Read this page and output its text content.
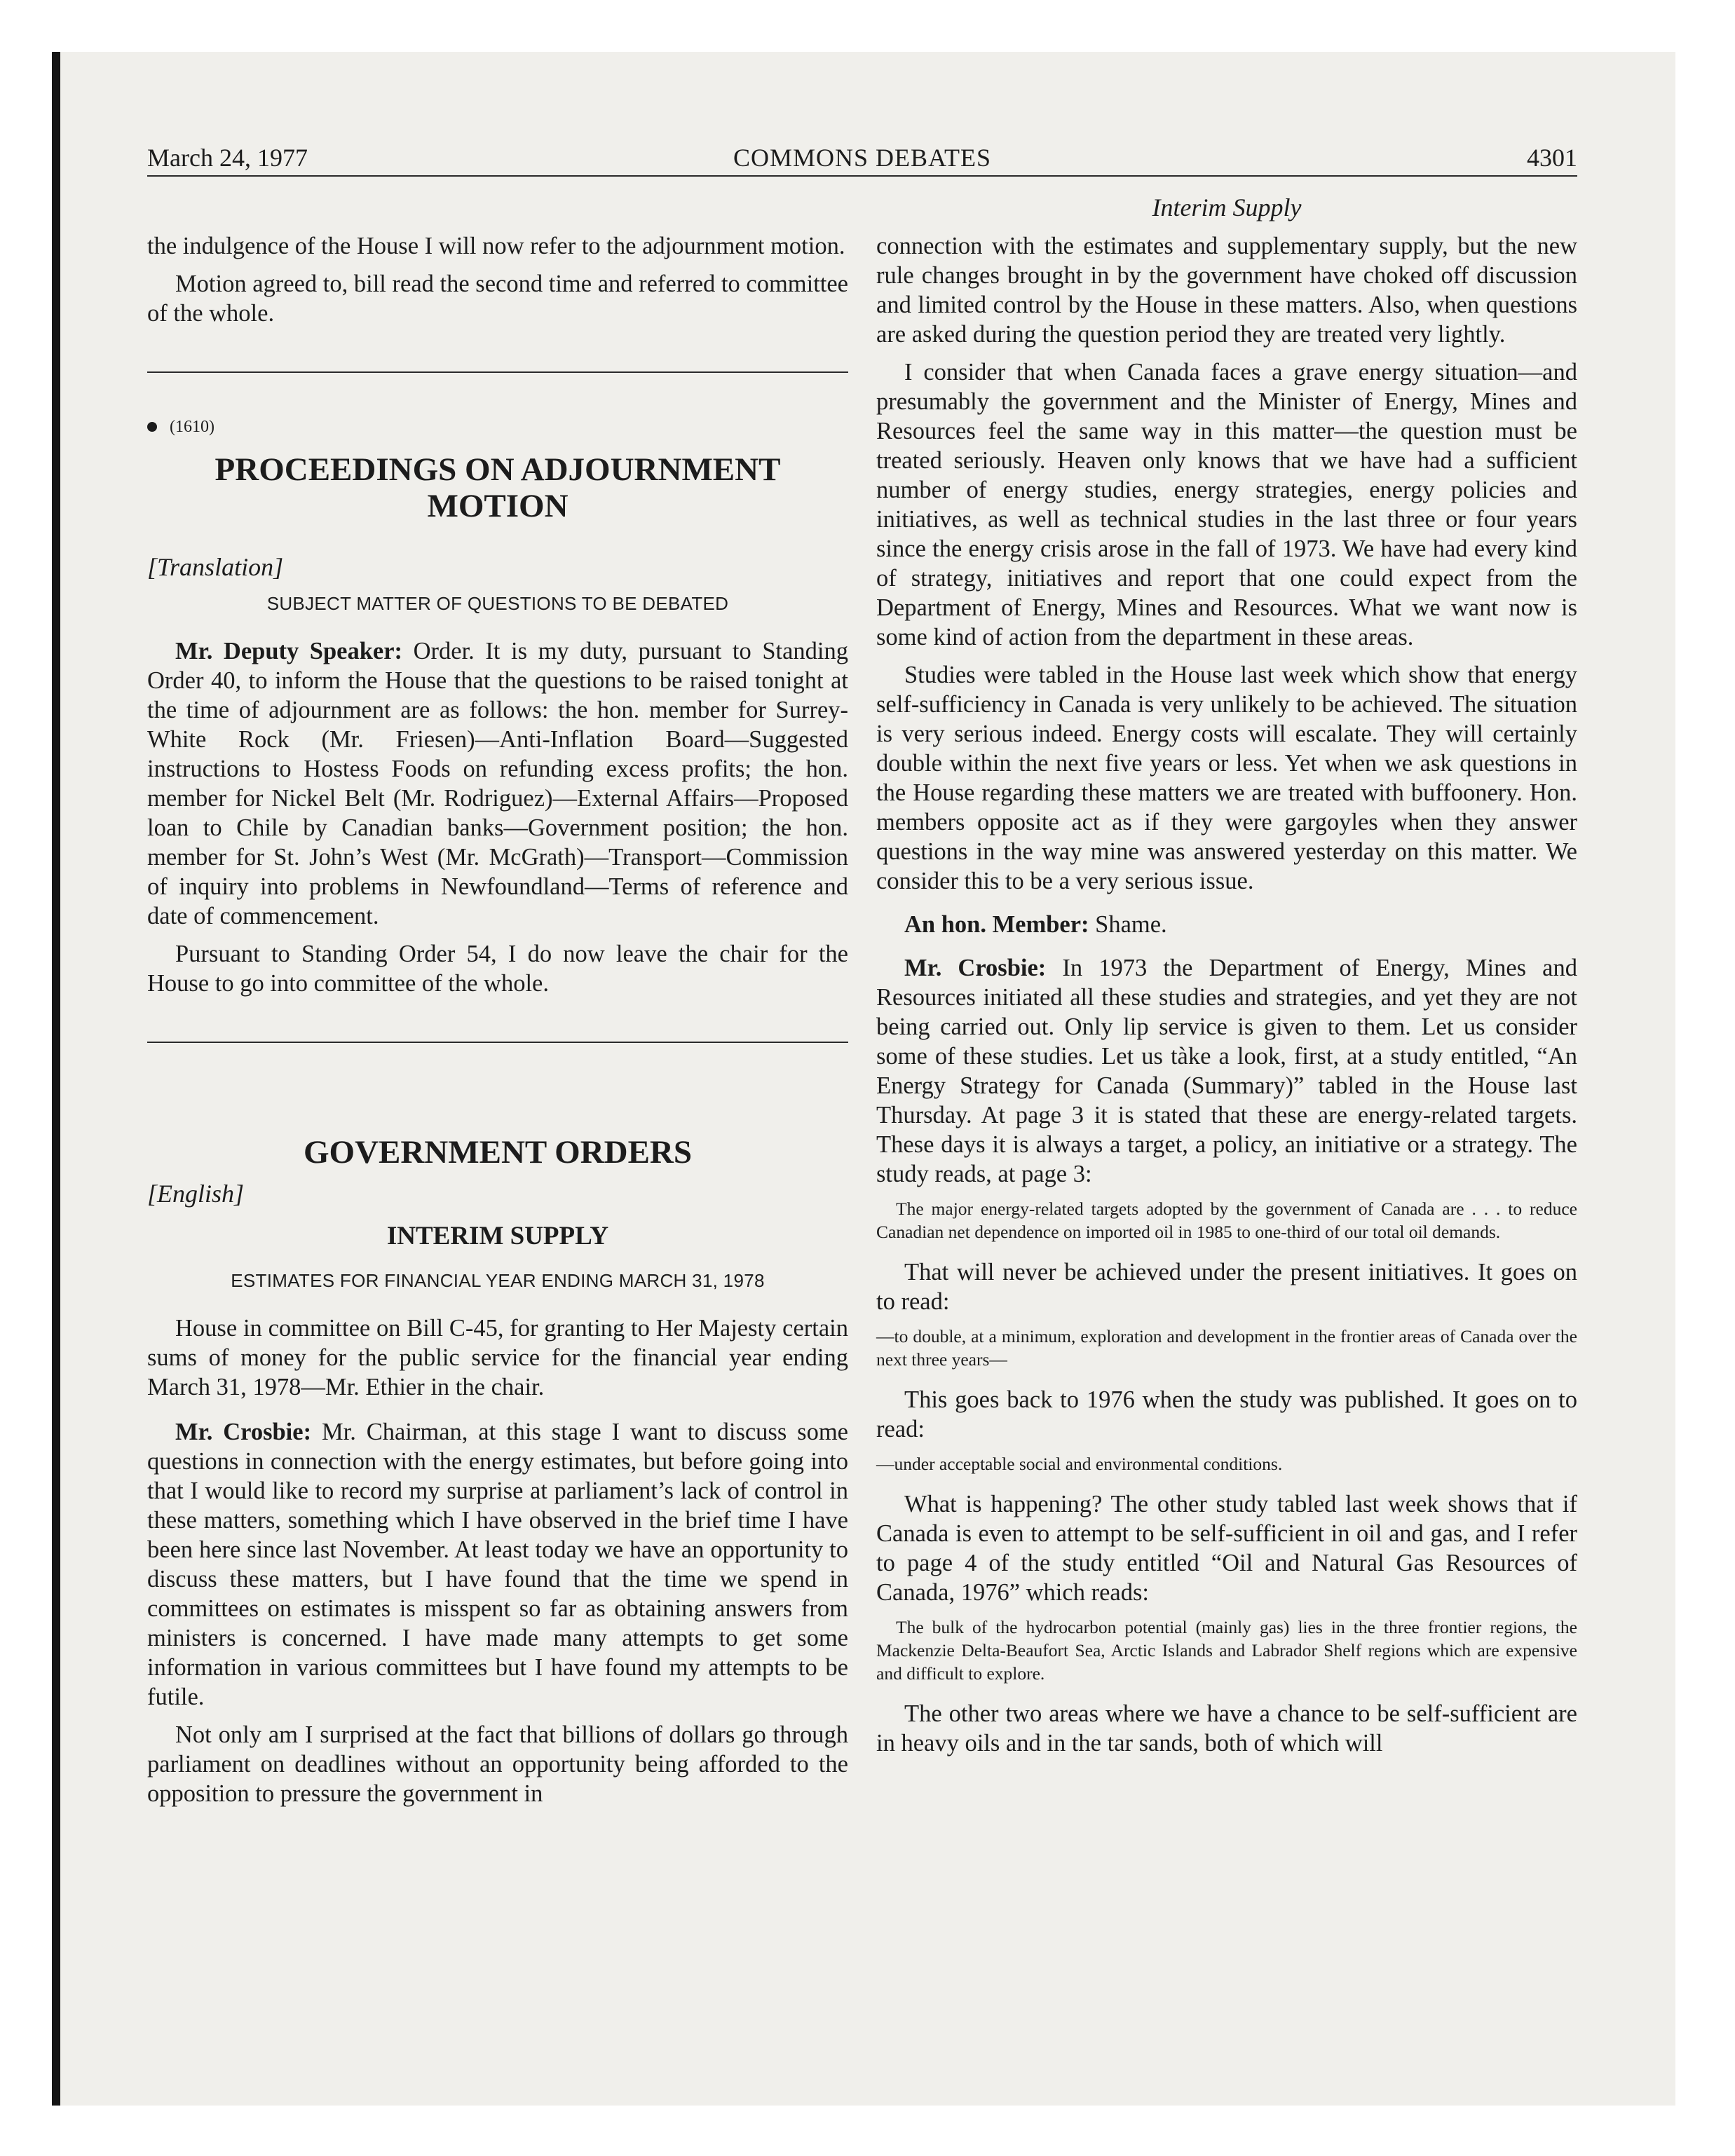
March 24, 1977	COMMONS DEBATES	4301
Interim Supply

the indulgence of the House I will now refer to the adjournment motion.

Motion agreed to, bill read the second time and referred to committee of the whole.

(1610)
PROCEEDINGS ON ADJOURNMENT MOTION
[Translation]
SUBJECT MATTER OF QUESTIONS TO BE DEBATED

Mr. Deputy Speaker: Order. It is my duty, pursuant to Standing Order 40, to inform the House that the questions to be raised tonight at the time of adjournment are as follows: the hon. member for Surrey-White Rock (Mr. Friesen)—Anti-Inflation Board—Suggested instructions to Hostess Foods on refunding excess profits; the hon. member for Nickel Belt (Mr. Rodriguez)—External Affairs—Proposed loan to Chile by Canadian banks—Government position; the hon. member for St. John’s West (Mr. McGrath)—Transport—Commission of inquiry into problems in Newfoundland—Terms of reference and date of commencement.

Pursuant to Standing Order 54, I do now leave the chair for the House to go into committee of the whole.

GOVERNMENT ORDERS
[English]
INTERIM SUPPLY
ESTIMATES FOR FINANCIAL YEAR ENDING MARCH 31, 1978

House in committee on Bill C-45, for granting to Her Majesty certain sums of money for the public service for the financial year ending March 31, 1978—Mr. Ethier in the chair.

Mr. Crosbie: Mr. Chairman, at this stage I want to discuss some questions in connection with the energy estimates, but before going into that I would like to record my surprise at parliament’s lack of control in these matters, something which I have observed in the brief time I have been here since last November. At least today we have an opportunity to discuss these matters, but I have found that the time we spend in committees on estimates is misspent so far as obtaining answers from ministers is concerned. I have made many attempts to get some information in various committees but I have found my attempts to be futile.

Not only am I surprised at the fact that billions of dollars go through parliament on deadlines without an opportunity being afforded to the opposition to pressure the government in

connection with the estimates and supplementary supply, but the new rule changes brought in by the government have choked off discussion and limited control by the House in these matters. Also, when questions are asked during the question period they are treated very lightly.

I consider that when Canada faces a grave energy situation—and presumably the government and the Minister of Energy, Mines and Resources feel the same way in this matter—the question must be treated seriously. Heaven only knows that we have had a sufficient number of energy studies, energy strategies, energy policies and initiatives, as well as technical studies in the last three or four years since the energy crisis arose in the fall of 1973. We have had every kind of strategy, initiatives and report that one could expect from the Department of Energy, Mines and Resources. What we want now is some kind of action from the department in these areas.

Studies were tabled in the House last week which show that energy self-sufficiency in Canada is very unlikely to be achieved. The situation is very serious indeed. Energy costs will escalate. They will certainly double within the next five years or less. Yet when we ask questions in the House regarding these matters we are treated with buffoonery. Hon. members opposite act as if they were gargoyles when they answer questions in the way mine was answered yesterday on this matter. We consider this to be a very serious issue.

An hon. Member: Shame.

Mr. Crosbie: In 1973 the Department of Energy, Mines and Resources initiated all these studies and strategies, and yet they are not being carried out. Only lip service is given to them. Let us consider some of these studies. Let us tàke a look, first, at a study entitled, “An Energy Strategy for Canada (Summary)” tabled in the House last Thursday. At page 3 it is stated that these are energy-related targets. These days it is always a target, a policy, an initiative or a strategy. The study reads, at page 3:

The major energy-related targets adopted by the government of Canada are . . . to reduce Canadian net dependence on imported oil in 1985 to one-third of our total oil demands.

That will never be achieved under the present initiatives. It goes on to read:

—to double, at a minimum, exploration and development in the frontier areas of Canada over the next three years—

This goes back to 1976 when the study was published. It goes on to read:

—under acceptable social and environmental conditions.

What is happening? The other study tabled last week shows that if Canada is even to attempt to be self-sufficient in oil and gas, and I refer to page 4 of the study entitled “Oil and Natural Gas Resources of Canada, 1976” which reads:

The bulk of the hydrocarbon potential (mainly gas) lies in the three frontier regions, the Mackenzie Delta-Beaufort Sea, Arctic Islands and Labrador Shelf regions which are expensive and difficult to explore.

The other two areas where we have a chance to be self-sufficient are in heavy oils and in the tar sands, both of which will
